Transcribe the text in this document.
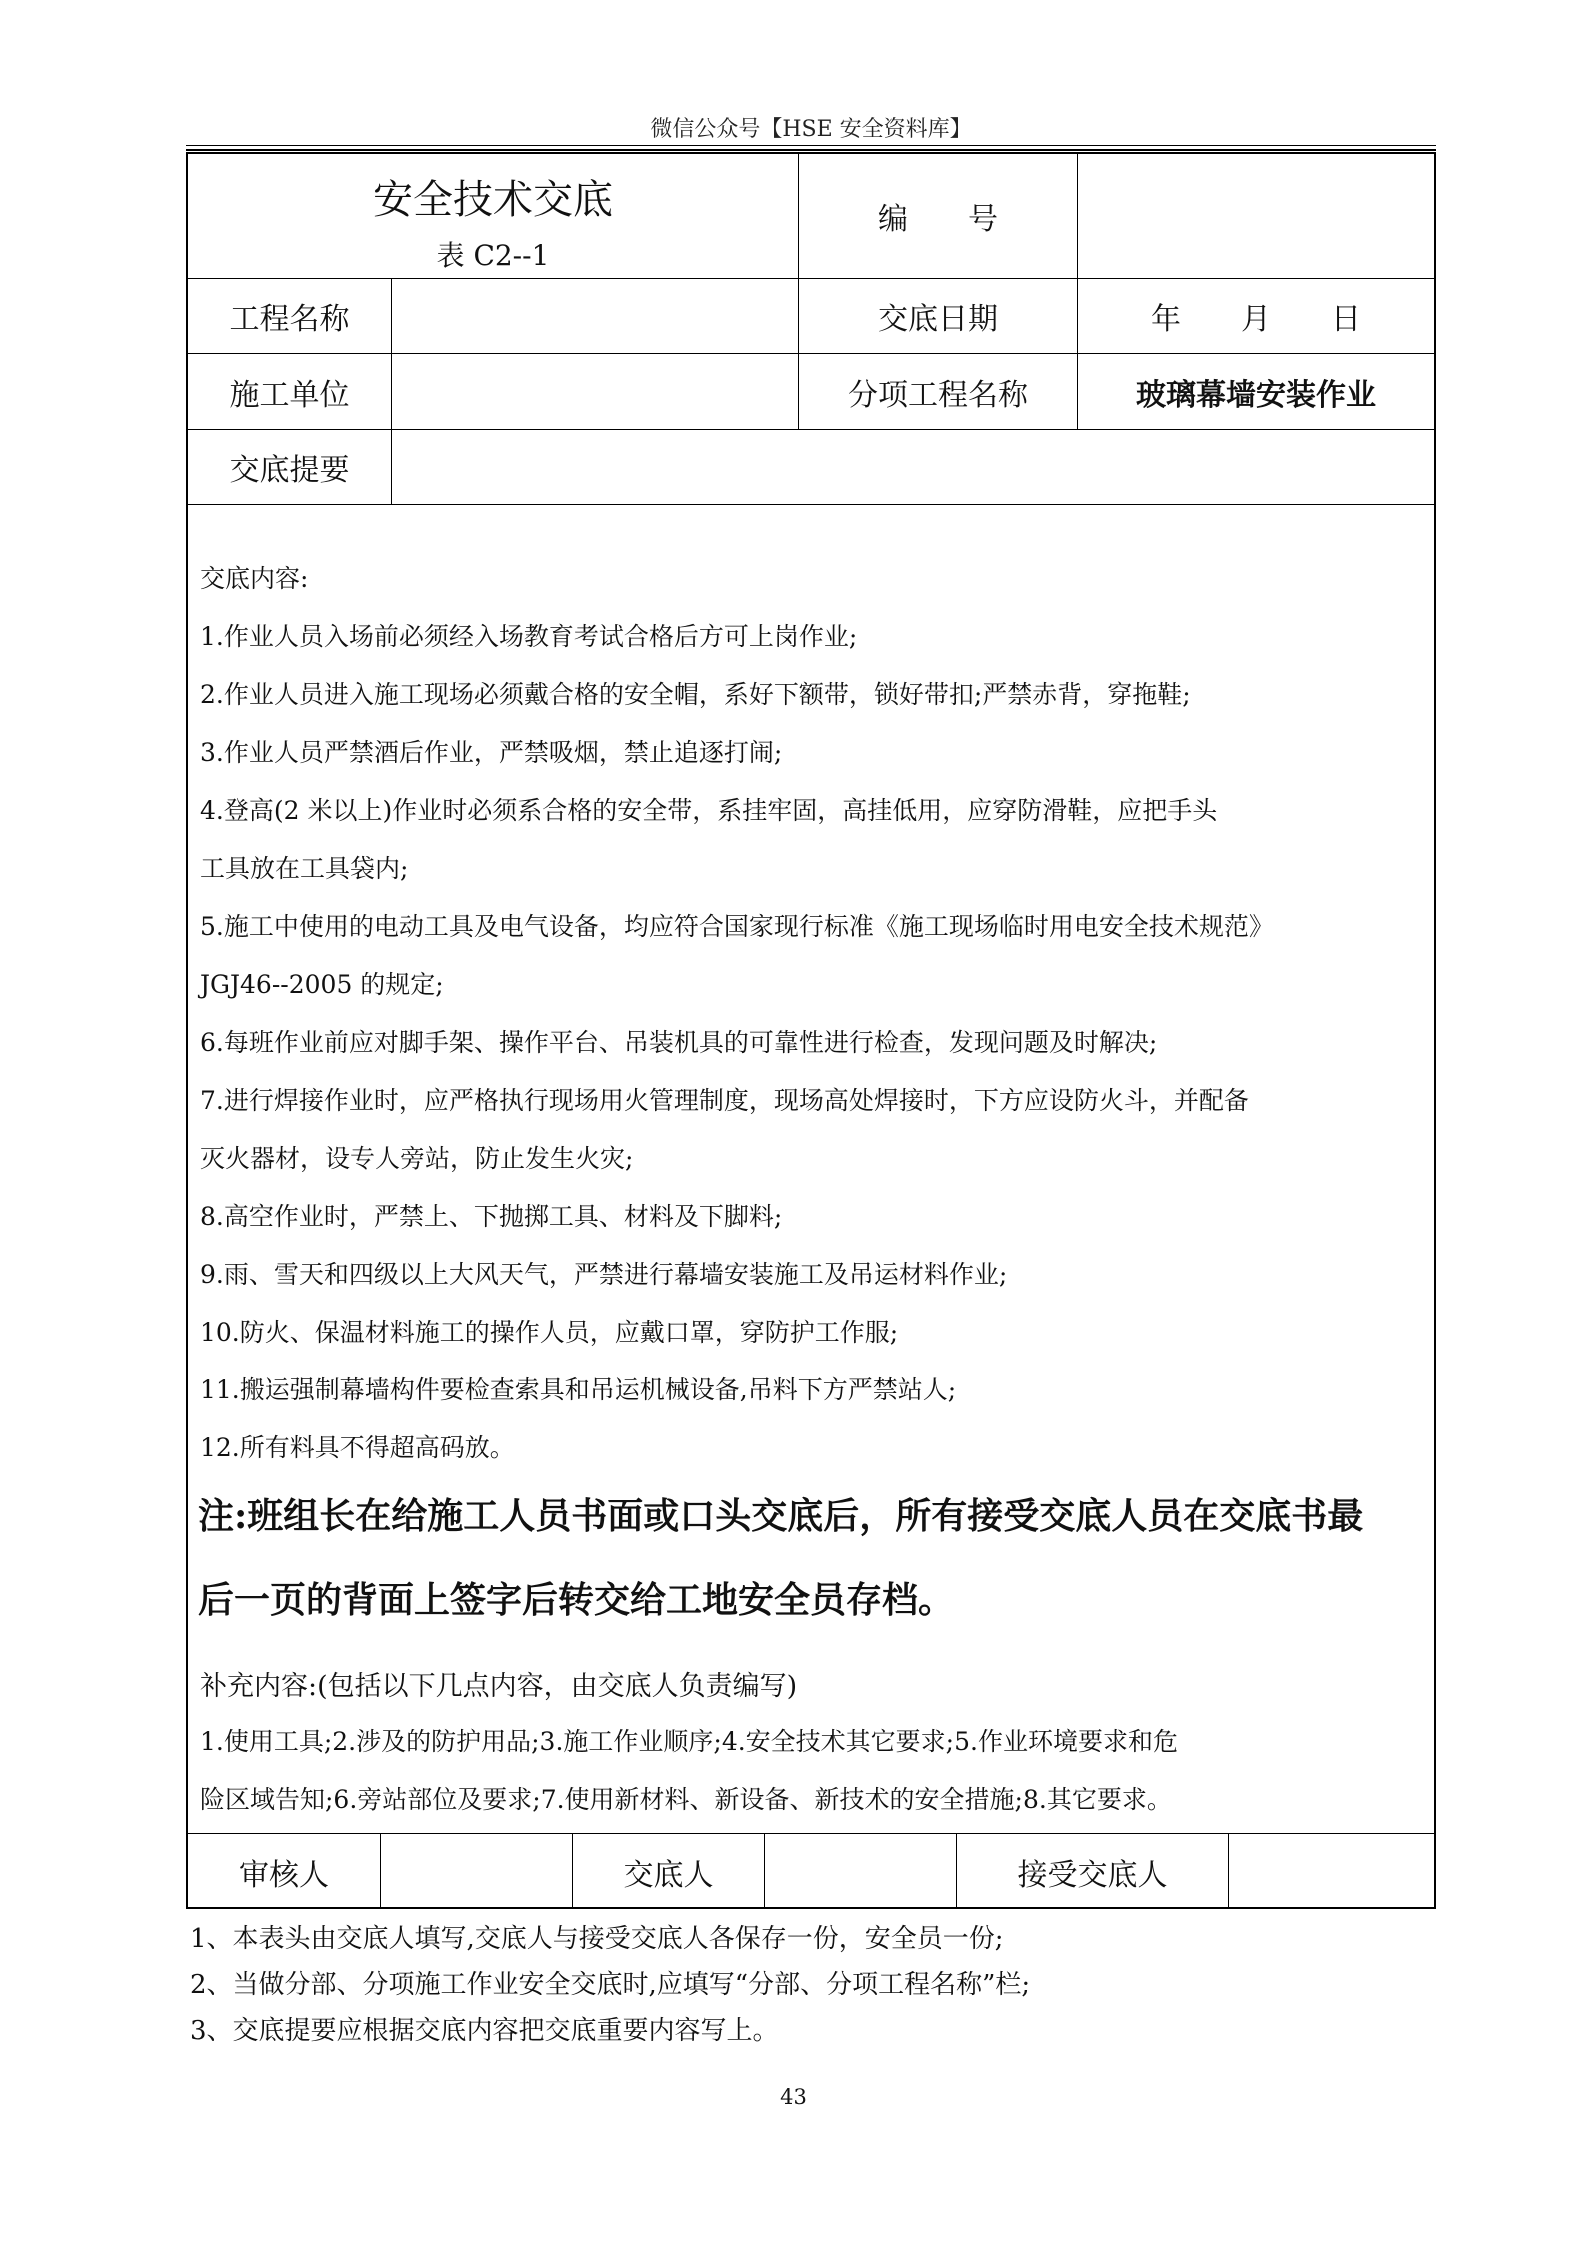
微信公众号【HSE 安全资料库】
安全技术交底
表 C2--1
编　　号
工程名称	交底日期	年　　月　　日
施工单位	分项工程名称	玻璃幕墙安装作业
交底提要
审核人	交底人	接受交底人
交底内容:
1.作业人员入场前必须经入场教育考试合格后方可上岗作业;
2.作业人员进入施工现场必须戴合格的安全帽，系好下额带，锁好带扣;严禁赤背，穿拖鞋;
3.作业人员严禁酒后作业，严禁吸烟，禁止追逐打闹;
4.登高(2 米以上)作业时必须系合格的安全带，系挂牢固，高挂低用，应穿防滑鞋，应把手头
工具放在工具袋内;
5.施工中使用的电动工具及电气设备，均应符合国家现行标准《施工现场临时用电安全技术规范》
JGJ46--2005 的规定;
6.每班作业前应对脚手架、操作平台、吊装机具的可靠性进行检查，发现问题及时解决;
7.进行焊接作业时，应严格执行现场用火管理制度，现场高处焊接时，下方应设防火斗，并配备
灭火器材，设专人旁站，防止发生火灾;
8.高空作业时，严禁上、下抛掷工具、材料及下脚料;
9.雨、雪天和四级以上大风天气，严禁进行幕墙安装施工及吊运材料作业;
10.防火、保温材料施工的操作人员，应戴口罩，穿防护工作服;
11.搬运强制幕墙构件要检查索具和吊运机械设备,吊料下方严禁站人;
12.所有料具不得超高码放。
注:班组长在给施工人员书面或口头交底后，所有接受交底人员在交底书最
后一页的背面上签字后转交给工地安全员存档。
补充内容:(包括以下几点内容，由交底人负责编写)
1.使用工具;2.涉及的防护用品;3.施工作业顺序;4.安全技术其它要求;5.作业环境要求和危
险区域告知;6.旁站部位及要求;7.使用新材料、新设备、新技术的安全措施;8.其它要求。
1、本表头由交底人填写,交底人与接受交底人各保存一份，安全员一份;
2、当做分部、分项施工作业安全交底时,应填写“分部、分项工程名称”栏;
3、交底提要应根据交底内容把交底重要内容写上。
43
